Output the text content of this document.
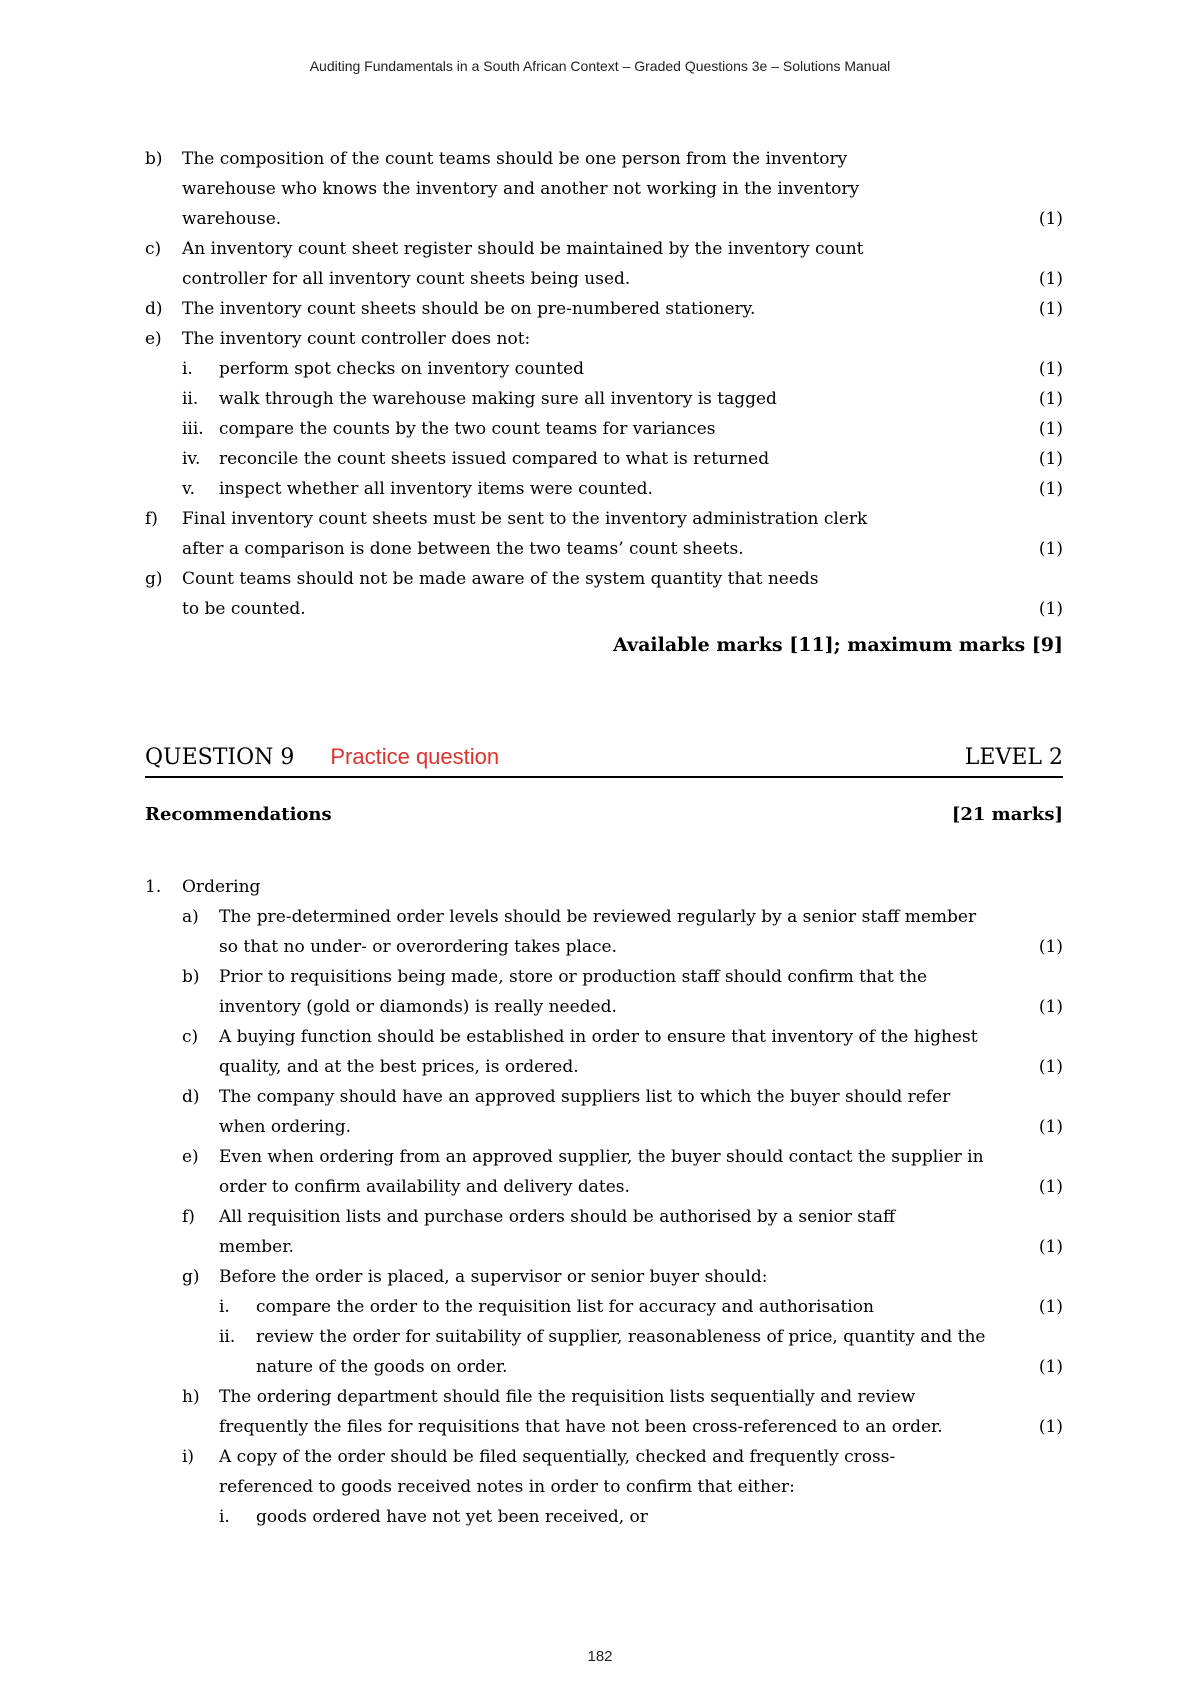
Auditing Fundamentals in a South African Context – Graded Questions 3e – Solutions Manual
b)	The composition of the count teams should be one person from the inventory
warehouse who knows the inventory and another not working in the inventory
warehouse.	(1)
c)	An inventory count sheet register should be maintained by the inventory count
controller for all inventory count sheets being used.	(1)
d)	The inventory count sheets should be on pre-numbered stationery.	(1)
e)	The inventory count controller does not:
i.	perform spot checks on inventory counted	(1)
ii.	walk through the warehouse making sure all inventory is tagged	(1)
iii. compare the counts by the two count teams for variances	(1)
iv.	reconcile the count sheets issued compared to what is returned	(1)
v.	inspect whether all inventory items were counted.	(1)
f)	Final inventory count sheets must be sent to the inventory administration clerk
after a comparison is done between the two teams’ count sheets.	(1)
g)	Count teams should not be made aware of the system quantity that needs
to be counted.	(1)
Available marks [11]; maximum marks [9]
QUESTION 9 Practice question	LEVEL 2
Recommendations	[21 marks]
1.	Ordering
a)	The pre-determined order levels should be reviewed regularly by a senior staff member
so that no under- or overordering takes place.	(1)
b)	Prior to requisitions being made, store or production staff should confirm that the
inventory (gold or diamonds) is really needed.	(1)
c)	A buying function should be established in order to ensure that inventory of the highest
quality, and at the best prices, is ordered.	(1)
d)	The company should have an approved suppliers list to which the buyer should refer
when ordering.	(1)
e)	Even when ordering from an approved supplier, the buyer should contact the supplier in
order to confirm availability and delivery dates.	(1)
f)	All requisition lists and purchase orders should be authorised by a senior staff
member.	(1)
g)	Before the order is placed, a supervisor or senior buyer should:
i.	compare the order to the requisition list for accuracy and authorisation	(1)
ii.	review the order for suitability of supplier, reasonableness of price, quantity and the
nature of the goods on order.	(1)
h)	The ordering department should file the requisition lists sequentially and review
frequently the files for requisitions that have not been cross-referenced to an order.	(1)
i)	A copy of the order should be filed sequentially, checked and frequently cross-
referenced to goods received notes in order to confirm that either:
i.	goods ordered have not yet been received, or
182
